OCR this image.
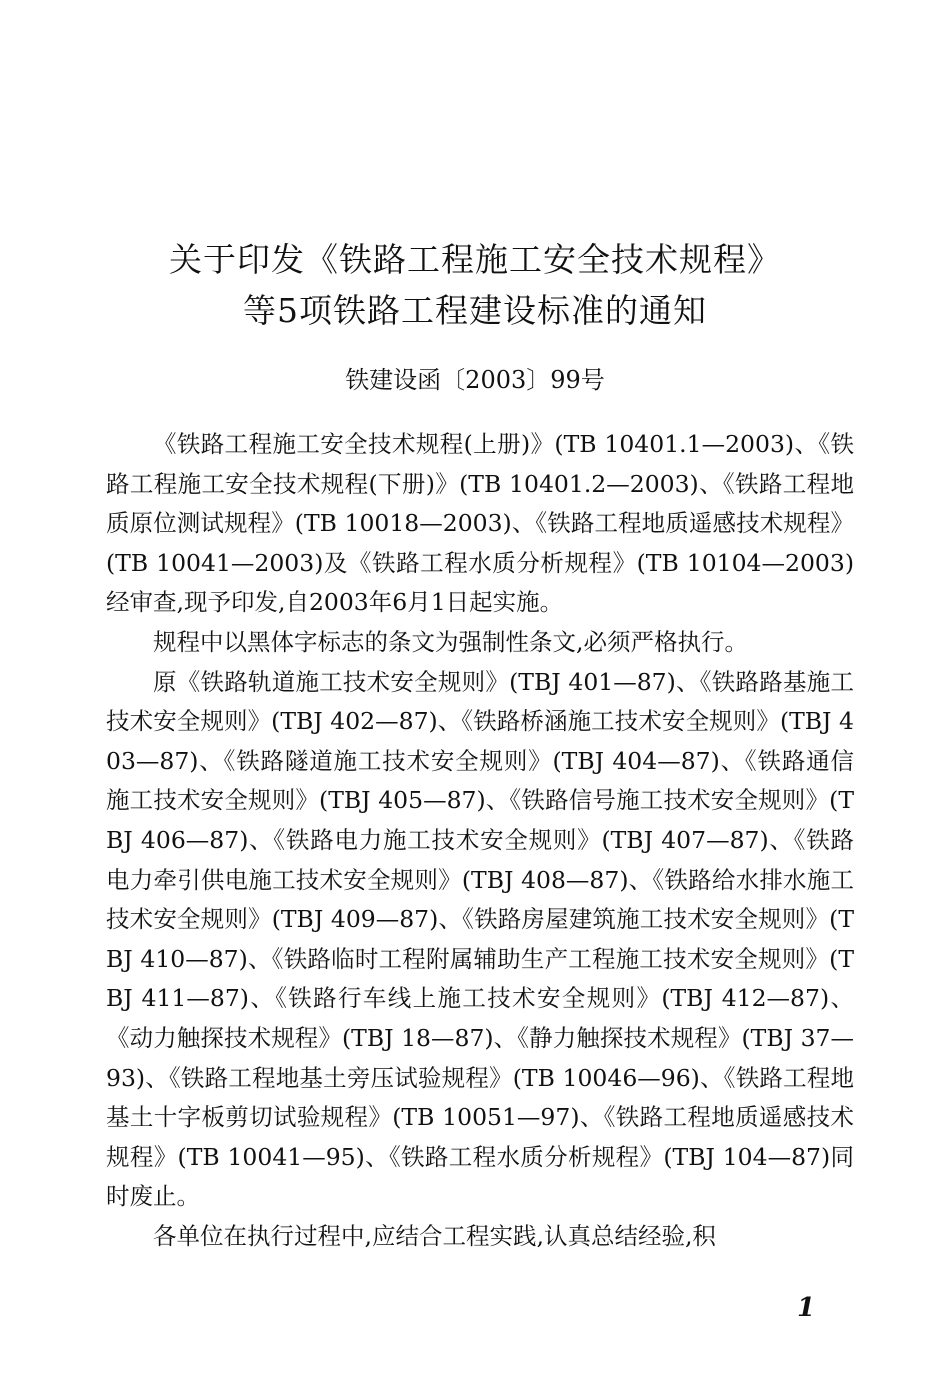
关于印发《铁路工程施工安全技术规程》
等5项铁路工程建设标准的通知
铁建设函〔2003〕99号

《铁路工程施工安全技术规程(上册)》(TB 10401.1—2003)、《铁路工程施工安全技术规程(下册)》(TB 10401.2—2003)、《铁路工程地质原位测试规程》(TB 10018—2003)、《铁路工程地质遥感技术规程》(TB 10041—2003)及《铁路工程水质分析规程》(TB 10104—2003)经审查,现予印发,自2003年6月1日起实施。

规程中以黑体字标志的条文为强制性条文,必须严格执行。

原《铁路轨道施工技术安全规则》(TBJ 401—87)、《铁路路基施工技术安全规则》(TBJ 402—87)、《铁路桥涵施工技术安全规则》(TBJ 403—87)、《铁路隧道施工技术安全规则》(TBJ 404—87)、《铁路通信施工技术安全规则》(TBJ 405—87)、《铁路信号施工技术安全规则》(TBJ 406—87)、《铁路电力施工技术安全规则》(TBJ 407—87)、《铁路电力牵引供电施工技术安全规则》(TBJ 408—87)、《铁路给水排水施工技术安全规则》(TBJ 409—87)、《铁路房屋建筑施工技术安全规则》(TBJ 410—87)、《铁路临时工程附属辅助生产工程施工技术安全规则》(TBJ 411—87)、《铁路行车线上施工技术安全规则》(TBJ 412—87)、《动力触探技术规程》(TBJ 18—87)、《静力触探技术规程》(TBJ 37—93)、《铁路工程地基土旁压试验规程》(TB 10046—96)、《铁路工程地基土十字板剪切试验规程》(TB 10051—97)、《铁路工程地质遥感技术规程》(TB 10041—95)、《铁路工程水质分析规程》(TBJ 104—87)同时废止。

各单位在执行过程中,应结合工程实践,认真总结经验,积

1
